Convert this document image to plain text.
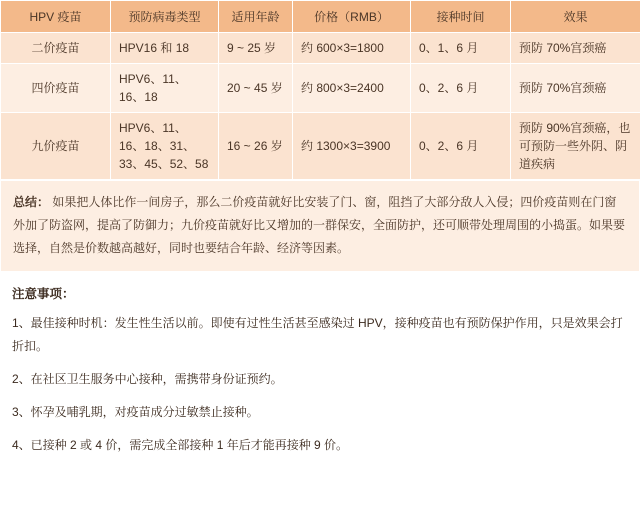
HPV 疫苗	预防病毒类型	适用年龄	价格（RMB）	接种时间	效果
二价疫苗	HPV16 和 18	9 ~ 25 岁	约 600×3=1800	0、1、6 月	预防 70%宫颈癌
四价疫苗	HPV6、11、16、18	20 ~ 45 岁	约 800×3=2400	0、2、6 月	预防 70%宫颈癌
九价疫苗	HPV6、11、16、18、31、33、45、52、58	16 ~ 26 岁	约 1300×3=3900	0、2、6 月	预防 90%宫颈癌，也可预防一些外阴、阴道疾病
总结： 如果把人体比作一间房子，那么二价疫苗就好比安装了门、窗，阻挡了大部分敌人入侵；四价疫苗则在门窗外加了防盗网，提高了防御力；九价疫苗就好比又增加的一群保安，全面防护，还可顺带处理周围的小捣蛋。如果要选择，自然是价数越高越好，同时也要结合年龄、经济等因素。
注意事项：
1、最佳接种时机：发生性生活以前。即使有过性生活甚至感染过 HPV，接种疫苗也有预防保护作用，只是效果会打折扣。
2、在社区卫生服务中心接种，需携带身份证预约。
3、怀孕及哺乳期，对疫苗成分过敏禁止接种。
4、已接种 2 或 4 价，需完成全部接种 1 年后才能再接种 9 价。
